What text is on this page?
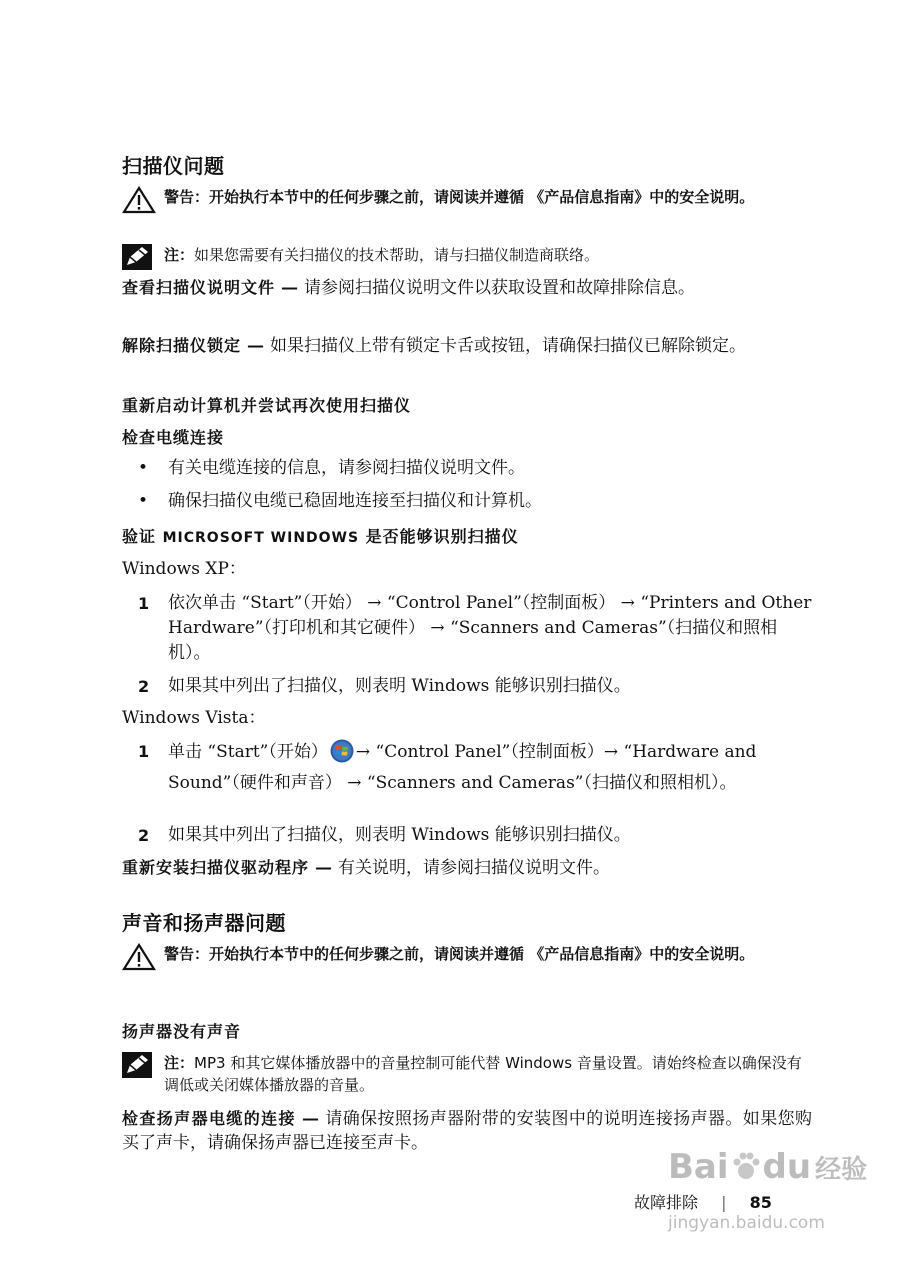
扫描仪问题
警告：开始执行本节中的任何步骤之前，请阅读并遵循 《产品信息指南》中的安全说明。
注：如果您需要有关扫描仪的技术帮助，请与扫描仪制造商联络。
查看扫描仪说明文件 — 请参阅扫描仪说明文件以获取设置和故障排除信息。
解除扫描仪锁定 — 如果扫描仪上带有锁定卡舌或按钮，请确保扫描仪已解除锁定。
重新启动计算机并尝试再次使用扫描仪
检查电缆连接
•	有关电缆连接的信息，请参阅扫描仪说明文件。
•	确保扫描仪电缆已稳固地连接至扫描仪和计算机。
验证 MICROSOFT WINDOWS 是否能够识别扫描仪
Windows XP：
1	依次单击 “Start”（开始） → “Control Panel”（控制面板） → “Printers and Other Hardware”（打印机和其它硬件） → “Scanners and Cameras”（扫描仪和照相机）。
2	如果其中列出了扫描仪，则表明 Windows 能够识别扫描仪。
Windows Vista：
1	单击 “Start”（开始） → “Control Panel”（控制面板）→ “Hardware and Sound”（硬件和声音） → “Scanners and Cameras”（扫描仪和照相机）。
2	如果其中列出了扫描仪，则表明 Windows 能够识别扫描仪。
重新安装扫描仪驱动程序 — 有关说明，请参阅扫描仪说明文件。
声音和扬声器问题
警告：开始执行本节中的任何步骤之前，请阅读并遵循 《产品信息指南》中的安全说明。
扬声器没有声音
注：MP3 和其它媒体播放器中的音量控制可能代替 Windows 音量设置。请始终检查以确保没有调低或关闭媒体播放器的音量。
检查扬声器电缆的连接 — 请确保按照扬声器附带的安装图中的说明连接扬声器。如果您购买了声卡，请确保扬声器已连接至声卡。
故障排除 | 85
Bai du 经验
jingyan.baidu.com
